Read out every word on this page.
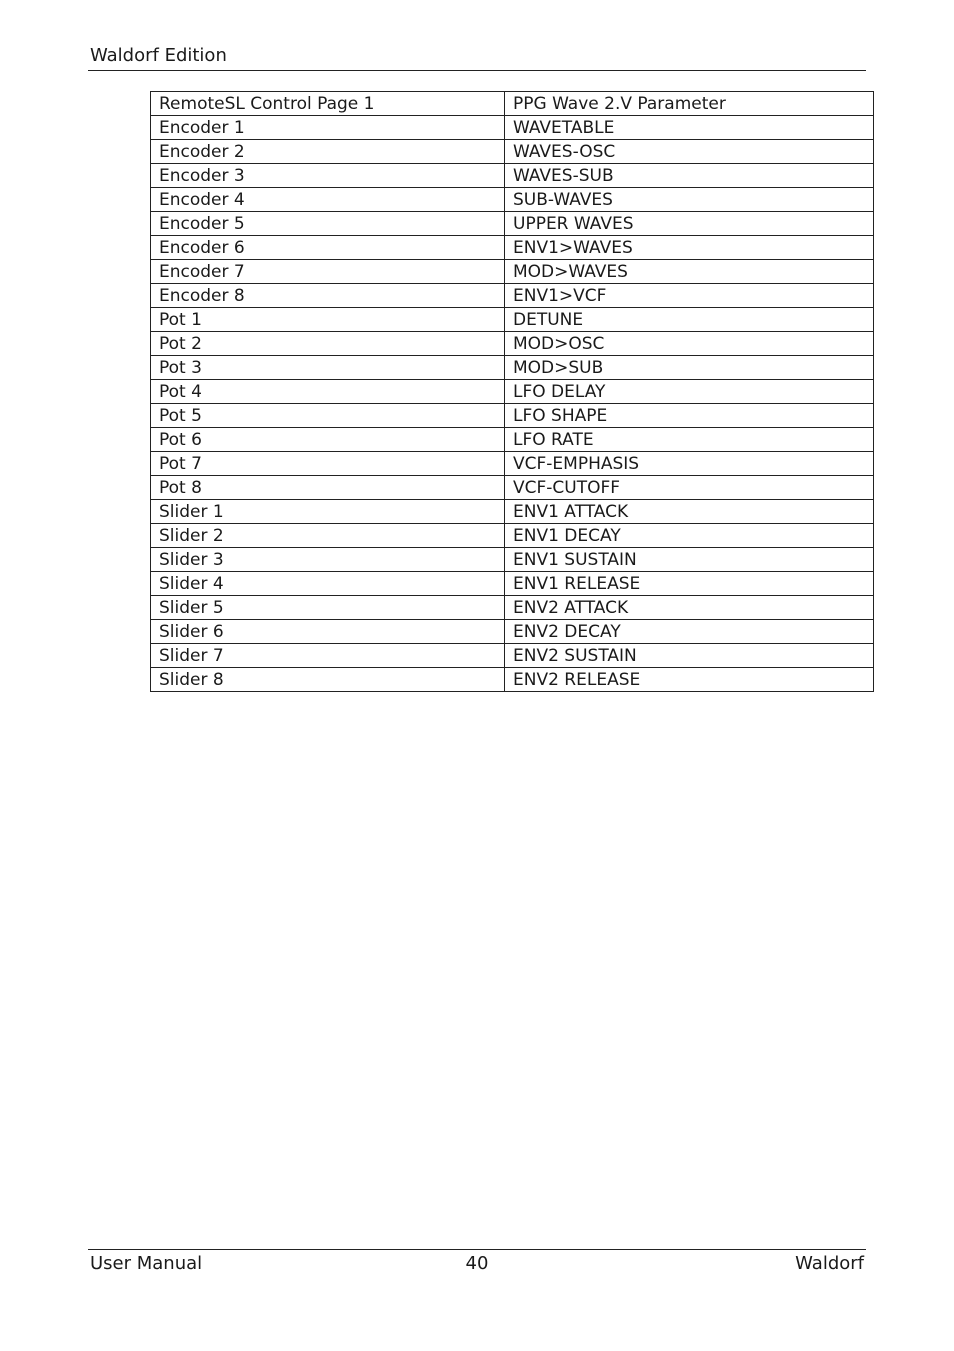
Waldorf Edition
RemoteSL Control Page 1	PPG Wave 2.V Parameter
Encoder 1	WAVETABLE
Encoder 2	WAVES-OSC
Encoder 3	WAVES-SUB
Encoder 4	SUB-WAVES
Encoder 5	UPPER WAVES
Encoder 6	ENV1>WAVES
Encoder 7	MOD>WAVES
Encoder 8	ENV1>VCF
Pot 1	DETUNE
Pot 2	MOD>OSC
Pot 3	MOD>SUB
Pot 4	LFO DELAY
Pot 5	LFO SHAPE
Pot 6	LFO RATE
Pot 7	VCF-EMPHASIS
Pot 8	VCF-CUTOFF
Slider 1	ENV1 ATTACK
Slider 2	ENV1 DECAY
Slider 3	ENV1 SUSTAIN
Slider 4	ENV1 RELEASE
Slider 5	ENV2 ATTACK
Slider 6	ENV2 DECAY
Slider 7	ENV2 SUSTAIN
Slider 8	ENV2 RELEASE
User Manual	40	Waldorf
